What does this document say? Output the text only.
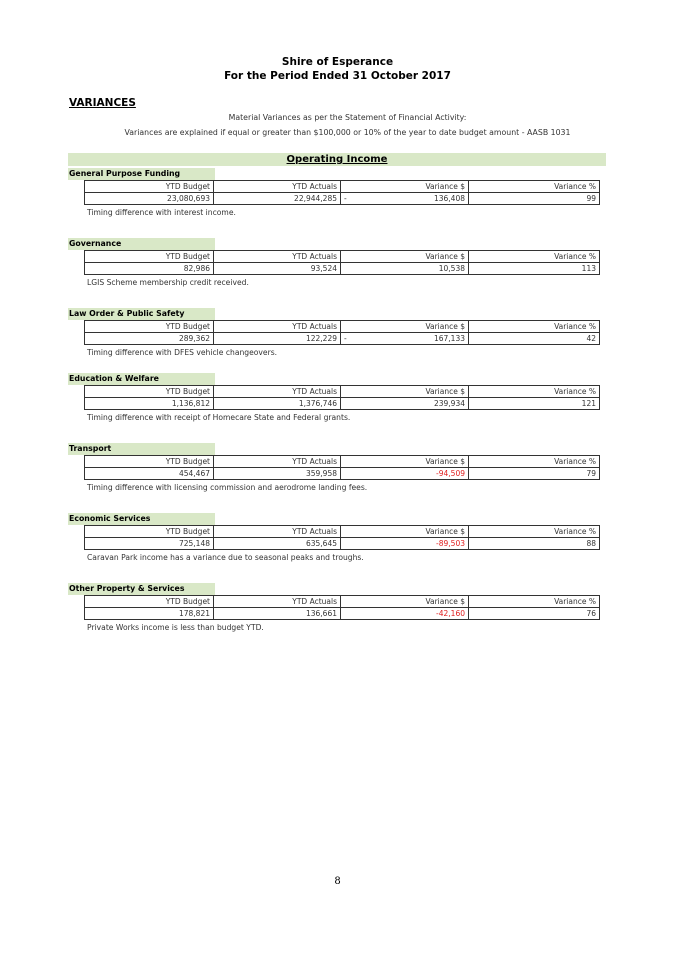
Shire of Esperance
For the Period Ended 31 October 2017
VARIANCES
Material Variances as per the Statement of Financial Activity:
Variances are explained if equal or greater than $100,000 or 10% of the year to date budget amount - AASB 1031
Operating Income
General Purpose Funding
YTD Budget	YTD Actuals	Variance $	Variance %
23,080,693	22,944,285	- 136,408	99
Timing difference with interest income.
Governance
YTD Budget	YTD Actuals	Variance $	Variance %
82,986	93,524	10,538	113
LGIS Scheme membership credit received.
Law Order & Public Safety
YTD Budget	YTD Actuals	Variance $	Variance %
289,362	122,229	- 167,133	42
Timing difference with DFES vehicle changeovers.
Education & Welfare
YTD Budget	YTD Actuals	Variance $	Variance %
1,136,812	1,376,746	239,934	121
Timing difference with receipt of Homecare State and Federal grants.
Transport
YTD Budget	YTD Actuals	Variance $	Variance %
454,467	359,958	-94,509	79
Timing difference with licensing commission and aerodrome landing fees.
Economic Services
YTD Budget	YTD Actuals	Variance $	Variance %
725,148	635,645	-89,503	88
Caravan Park income has a variance due to seasonal peaks and troughs.
Other Property & Services
YTD Budget	YTD Actuals	Variance $	Variance %
178,821	136,661	-42,160	76
Private Works income is less than budget YTD.
8
